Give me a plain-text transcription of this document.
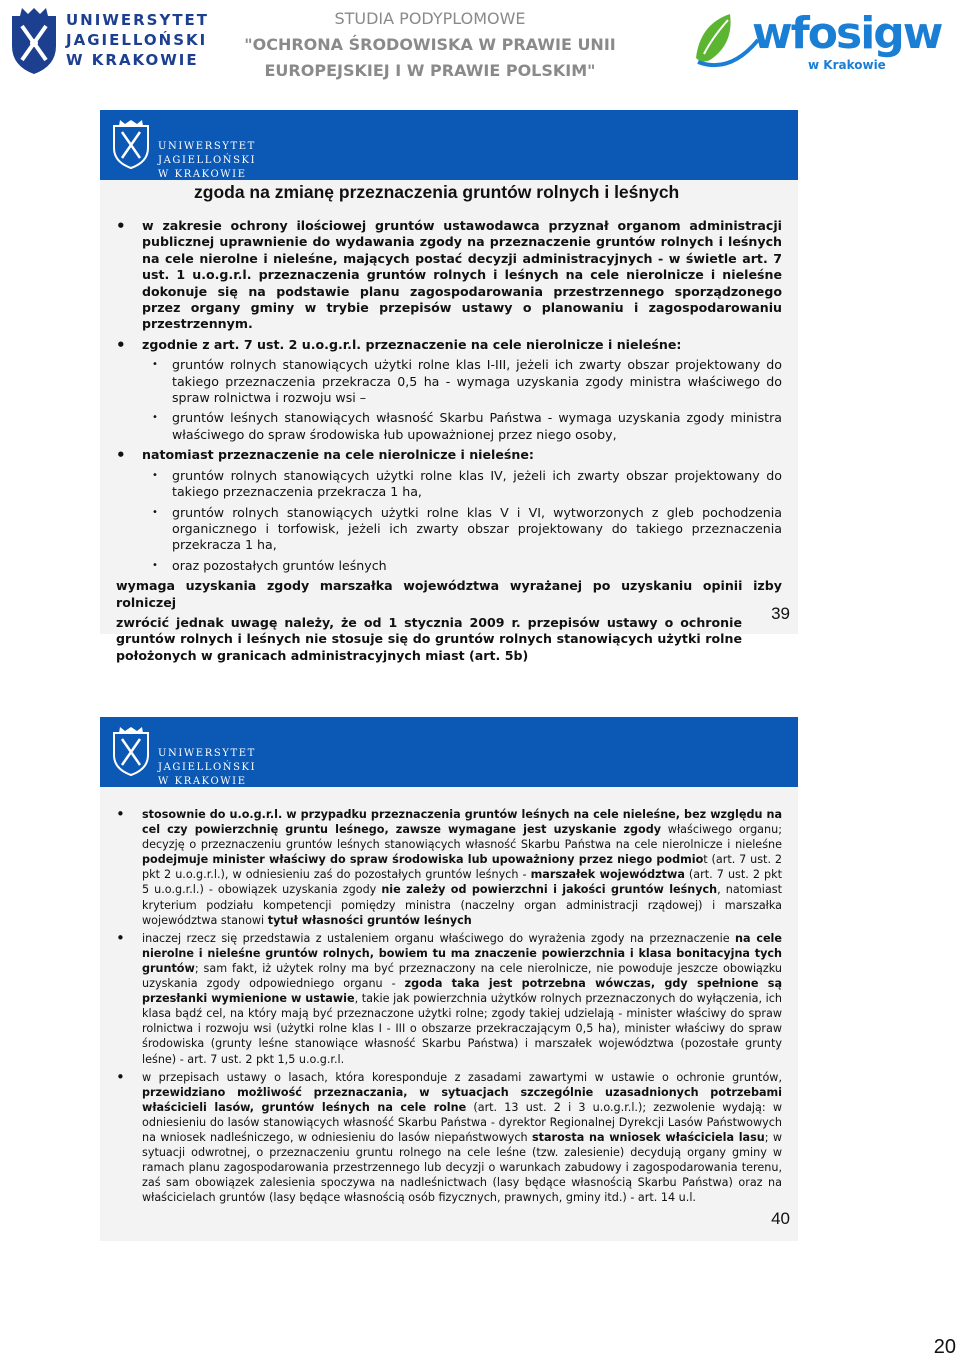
UNIWERSYTET
JAGIELLOŃSKI
W KRAKOWIE
STUDIA PODYPLOMOWE
"OCHRONA ŚRODOWISKA W PRAWIE UNII
EUROPEJSKIEJ I W PRAWIE POLSKIM"
wfosigw
w Krakowie
UNIWERSYTET JAGIELLOŃSKI
W KRAKOWIE
zgoda na zmianę przeznaczenia gruntów rolnych i leśnych
• w zakresie ochrony ilościowej gruntów ustawodawca przyznał organom administracji publicznej uprawnienie do wydawania zgody na przeznaczenie gruntów rolnych i leśnych na cele nierolne i nieleśne, mających postać decyzji administracyjnych - w świetle art. 7 ust. 1 u.o.g.r.l. przeznaczenia gruntów rolnych i leśnych na cele nierolnicze i nieleśne dokonuje się na podstawie planu zagospodarowania przestrzennego sporządzonego przez organy gminy w trybie przepisów ustawy o planowaniu i zagospodarowaniu przestrzennym.
• zgodnie z art. 7 ust. 2 u.o.g.r.l. przeznaczenie na cele nierolnicze i nieleśne:
• gruntów rolnych stanowiących użytki rolne klas I-III, jeżeli ich zwarty obszar projektowany do takiego przeznaczenia przekracza 0,5 ha - wymaga uzyskania zgody ministra właściwego do spraw rolnictwa i rozwoju wsi –
• gruntów leśnych stanowiących własność Skarbu Państwa - wymaga uzyskania zgody ministra właściwego do spraw środowiska łub upoważnionej przez niego osoby,
• natomiast przeznaczenie na cele nierolnicze i nieleśne:
• gruntów rolnych stanowiących użytki rolne klas IV, jeżeli ich zwarty obszar projektowany do takiego przeznaczenia przekracza 1 ha,
• gruntów rolnych stanowiących użytki rolne klas V i VI, wytworzonych z gleb pochodzenia organicznego i torfowisk, jeżeli ich zwarty obszar projektowany do takiego przeznaczenia przekracza 1 ha,
• oraz pozostałych gruntów leśnych
wymaga uzyskania zgody marszałka województwa wyrażanej po uzyskaniu opinii izby rolniczej
zwrócić jednak uwagę należy, że od 1 stycznia 2009 r. przepisów ustawy o ochronie gruntów rolnych i leśnych nie stosuje się do gruntów rolnych stanowiących użytki rolne położonych w granicach administracyjnych miast (art. 5b)
39
UNIWERSYTET JAGIELLOŃSKI
W KRAKOWIE
• stosownie do u.o.g.r.l. w przypadku przeznaczenia gruntów leśnych na cele nieleśne, bez względu na cel czy powierzchnię gruntu leśnego, zawsze wymagane jest uzyskanie zgody właściwego organu; decyzję o przeznaczeniu gruntów leśnych stanowiących własność Skarbu Państwa na cele nierolnicze i nieleśne podejmuje minister właściwy do spraw środowiska lub upoważniony przez niego podmiot (art. 7 ust. 2 pkt 2 u.o.g.r.l.), w odniesieniu zaś do pozostałych gruntów leśnych - marszałek województwa (art. 7 ust. 2 pkt 5 u.o.g.r.l.) - obowiązek uzyskania zgody nie zależy od powierzchni i jakości gruntów leśnych, natomiast kryterium podziału kompetencji pomiędzy ministra (naczelny organ administracji rządowej) i marszałka województwa stanowi tytuł własności gruntów leśnych
• inaczej rzecz się przedstawia z ustaleniem organu właściwego do wyrażenia zgody na przeznaczenie na cele nierolne i nieleśne gruntów rolnych, bowiem tu ma znaczenie powierzchnia i klasa bonitacyjna tych gruntów; sam fakt, iż użytek rolny ma być przeznaczony na cele nierolnicze, nie powoduje jeszcze obowiązku uzyskania zgody odpowiedniego organu - zgoda taka jest potrzebna wówczas, gdy spełnione są przesłanki wymienione w ustawie, takie jak powierzchnia użytków rolnych przeznaczonych do wyłączenia, ich klasa bądź cel, na który mają być przeznaczone użytki rolne; zgody takiej udzielają - minister właściwy do spraw rolnictwa i rozwoju wsi (użytki rolne klas I - III o obszarze przekraczającym 0,5 ha), minister właściwy do spraw środowiska (grunty leśne stanowiące własność Skarbu Państwa) i marszałek województwa (pozostałe grunty leśne) - art. 7 ust. 2 pkt 1,5 u.o.g.r.l.
• w przepisach ustawy o lasach, która koresponduje z zasadami zawartymi w ustawie o ochronie gruntów, przewidziano możliwość przeznaczania, w sytuacjach szczególnie uzasadnionych potrzebami właścicieli lasów, gruntów leśnych na cele rolne (art. 13 ust. 2 i 3 u.o.g.r.l.); zezwolenie wydają: w odniesieniu do lasów stanowiących własność Skarbu Państwa - dyrektor Regionalnej Dyrekcji Lasów Państwowych na wniosek nadleśniczego, w odniesieniu do lasów niepaństwowych starosta na wniosek właściciela lasu; w sytuacji odwrotnej, o przeznaczeniu gruntu rolnego na cele leśne (tzw. zalesienie) decydują organy gminy w ramach planu zagospodarowania przestrzennego lub decyzji o warunkach zabudowy i zagospodarowania terenu, zaś sam obowiązek zalesienia spoczywa na nadleśnictwach (lasy będące własnością Skarbu Państwa) oraz na właścicielach gruntów (lasy będące własnością osób fizycznych, prawnych, gminy itd.) - art. 14 u.l.
40
20
